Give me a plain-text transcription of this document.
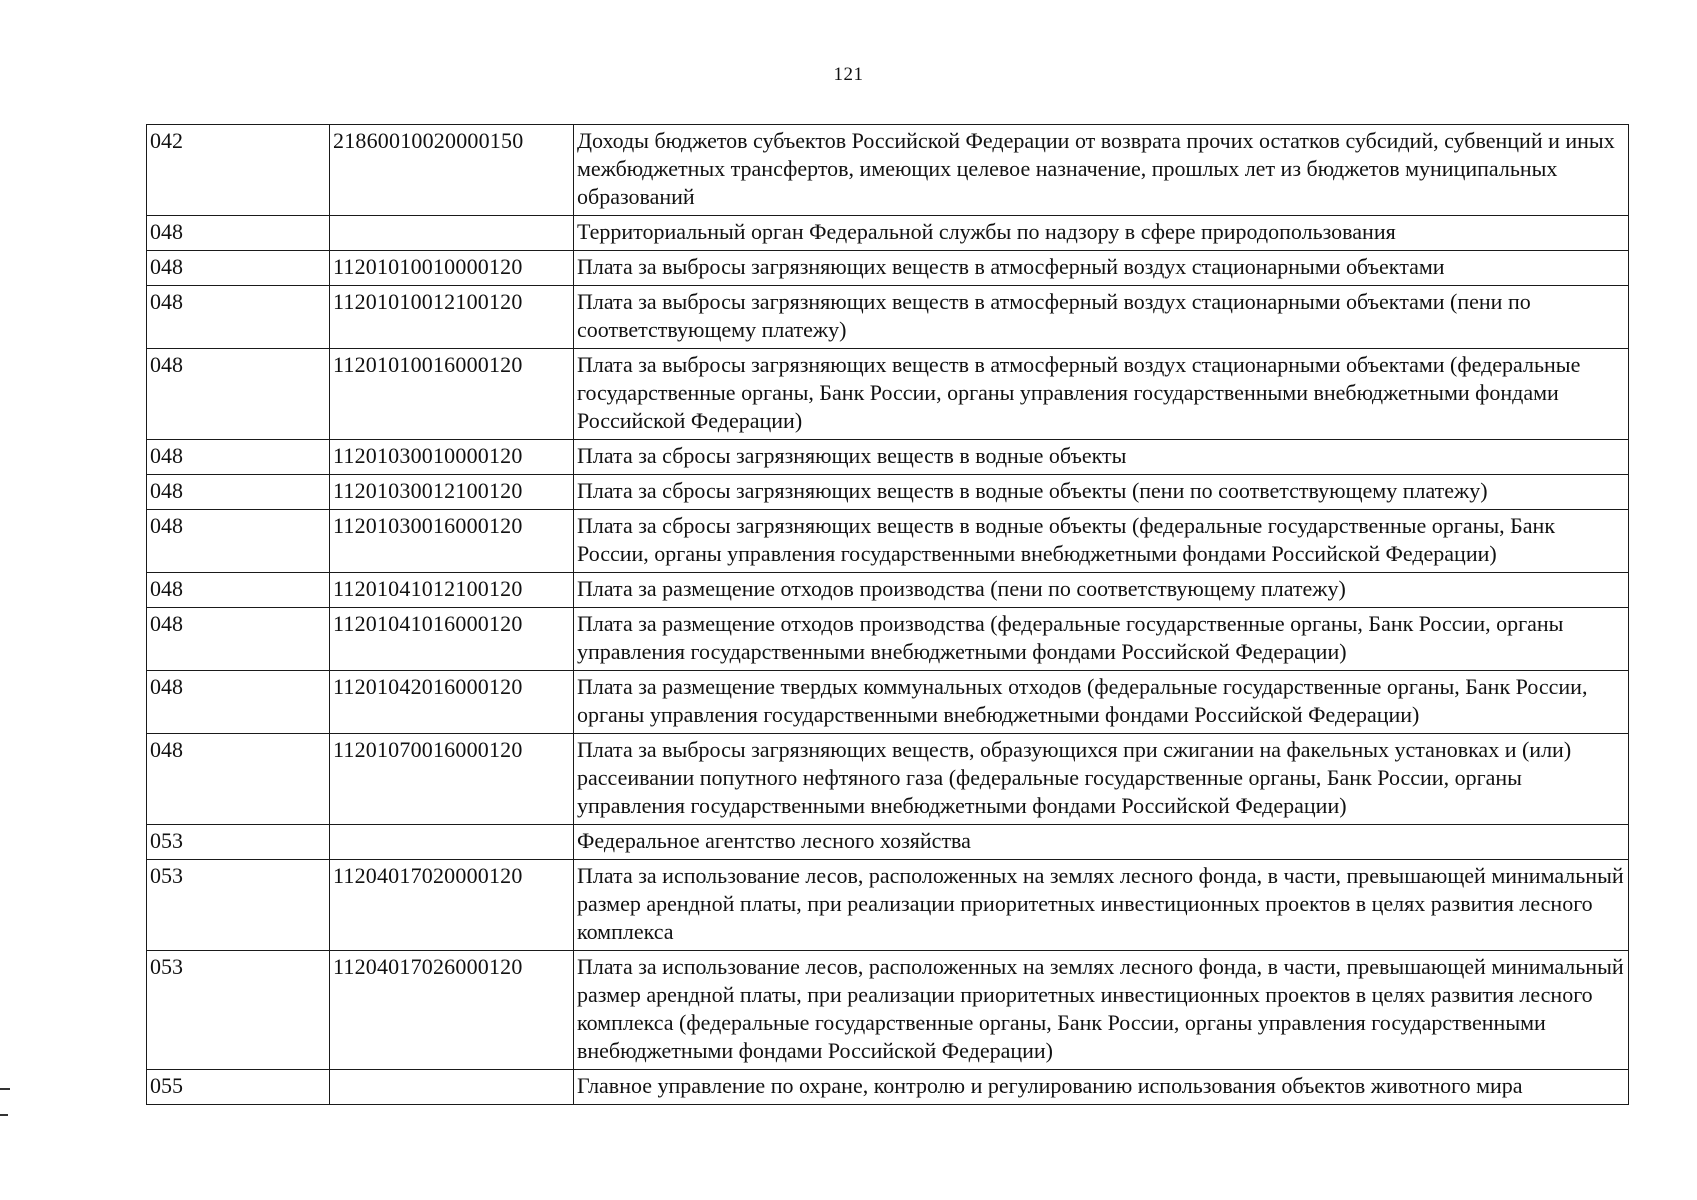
121
042	21860010020000150	Доходы бюджетов субъектов Российской Федерации от возврата прочих остатков субсидий, субвенций и иных межбюджетных трансфертов, имеющих целевое назначение, прошлых лет из бюджетов муниципальных образований
048		Территориальный орган Федеральной службы по надзору в сфере природопользования
048	11201010010000120	Плата за выбросы загрязняющих веществ в атмосферный воздух стационарными объектами
048	11201010012100120	Плата за выбросы загрязняющих веществ в атмосферный воздух стационарными объектами (пени по соответствующему платежу)
048	11201010016000120	Плата за выбросы загрязняющих веществ в атмосферный воздух стационарными объектами (федеральные государственные органы, Банк России, органы управления государственными внебюджетными фондами Российской Федерации)
048	11201030010000120	Плата за сбросы загрязняющих веществ в водные объекты
048	11201030012100120	Плата за сбросы загрязняющих веществ в водные объекты (пени по соответствующему платежу)
048	11201030016000120	Плата за сбросы загрязняющих веществ в водные объекты (федеральные государственные органы, Банк России, органы управления государственными внебюджетными фондами Российской Федерации)
048	11201041012100120	Плата за размещение отходов производства (пени по соответствующему платежу)
048	11201041016000120	Плата за размещение отходов производства (федеральные государственные органы, Банк России, органы управления государственными внебюджетными фондами Российской Федерации)
048	11201042016000120	Плата за размещение твердых коммунальных отходов (федеральные государственные органы, Банк России, органы управления государственными внебюджетными фондами Российской Федерации)
048	11201070016000120	Плата за выбросы загрязняющих веществ, образующихся при сжигании на факельных установках и (или) рассеивании попутного нефтяного газа (федеральные государственные органы, Банк России, органы управления государственными внебюджетными фондами Российской Федерации)
053		Федеральное агентство лесного хозяйства
053	11204017020000120	Плата за использование лесов, расположенных на землях лесного фонда, в части, превышающей минимальный размер арендной платы, при реализации приоритетных инвестиционных проектов в целях развития лесного комплекса
053	11204017026000120	Плата за использование лесов, расположенных на землях лесного фонда, в части, превышающей минимальный размер арендной платы, при реализации приоритетных инвестиционных проектов в целях развития лесного комплекса (федеральные государственные органы, Банк России, органы управления государственными внебюджетными фондами Российской Федерации)
055		Главное управление по охране, контролю и регулированию использования объектов животного мира
